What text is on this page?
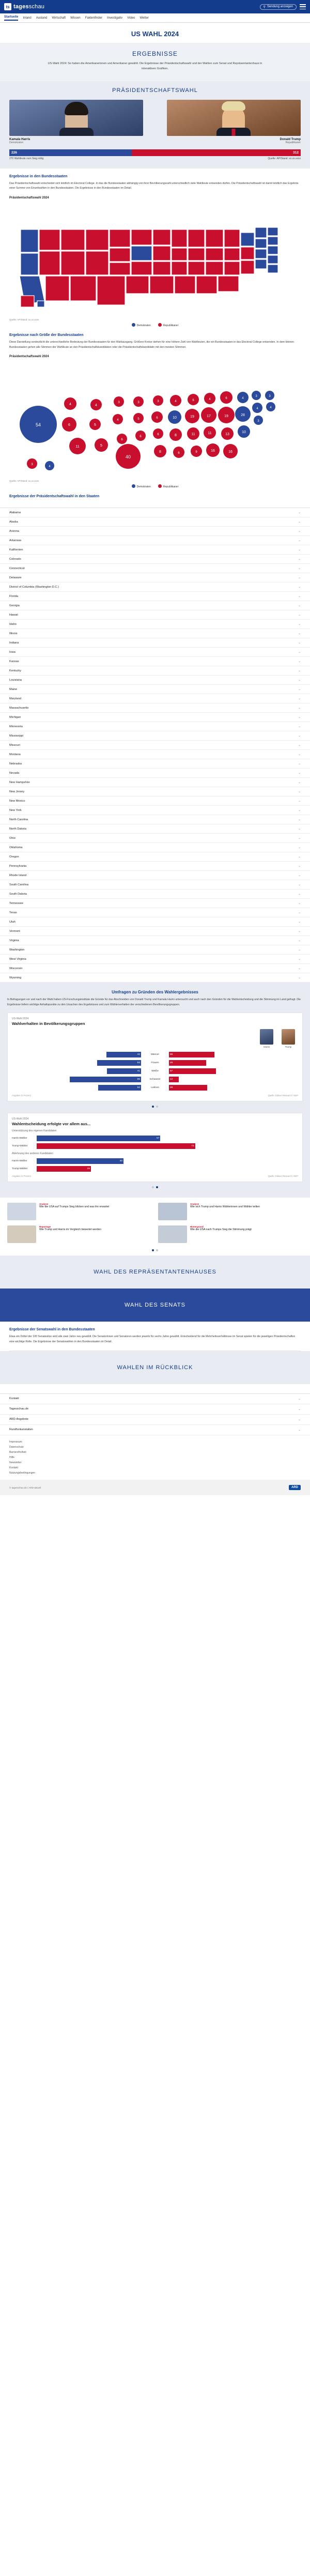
ts tagesschau	⚲ Sendung anzeigen
Startseite Inland Ausland Wirtschaft Wissen Faktenfinder Investigativ Video Wetter
US WAHL 2024
ERGEBNISSE
US-Wahl 2024: So haben die Amerikanerinnen und Amerikaner gewählt. Die Ergebnisse der Präsidentschaftswahl und der Wahlen zum Senat und Repräsentantenhaus in interaktiven Grafiken.
PRÄSIDENTSCHAFTSWAHL
Kamala Harris
Demokraten
Donald Trump
Republikaner
226	312
270 Wahlleute zum Sieg nötig	Quelle: AP/Stand: xx.xx.xxxx
Ergebnisse in den Bundesstaaten

Das Präsidentschaftswahl entscheidet sich letztlich im Electoral College. In das die Bundesstaaten abhängig von ihrer Bevölkerungszahl unterschiedlich viele Wahlleute entsenden dürfen. Die Präsidentschaftswahl ist damit letztlich das Ergebnis einer Summe von Einzelwahlen in den Bundesstaaten. Die Ergebnisse in den Bundesstaaten im Detail.

Präsidentschaftswahl 2024
Quelle: AP/Stand: xx.xx.xxxx
Demokraten	Republikaner
Ergebnisse nach Größe der Bundesstaaten

Diese Darstellung verdeutlicht die unterschiedliche Bedeutung der Bundesstaaten für den Wahlausgang. Größere Kreise stehen für eine höhere Zahl von Wahlleuten, die ein Bundesstaaten in das Electoral College entsenden. In dem kleinen Bundesstaaten gehen alle Stimmen der Wahlleute an den Präsidentschaftskandidaten oder die Präsidentschaftskandidatin mit den meisten Stimmen.

Präsidentschaftswahl 2024
54
4
6
11
4
5
5
3
4
6
40
3
5
6
3
6
6
8
4
10
8
6
6
19
11
9
4
17
11
16
6
19
13
16
4
28
10
3
4
3
3
4
3
4
Quelle: AP/Stand: xx.xx.xxxx
Demokraten	Republikaner
Ergebnisse der Präsidentschaftswahl in den Staaten
Alabama	⌄
Alaska	⌄
Arizona	⌄
Arkansas	⌄
Kalifornien	⌄
Colorado	⌄
Connecticut	⌄
Delaware	⌄
District of Columbia (Washington D.C.)	⌄
Florida	⌄
Georgia	⌄
Hawaii	⌄
Idaho	⌄
Illinois	⌄
Indiana	⌄
Iowa	⌄
Kansas	⌄
Kentucky	⌄
Louisiana	⌄
Maine	⌄
Maryland	⌄
Massachusetts	⌄
Michigan	⌄
Minnesota	⌄
Mississippi	⌄
Missouri	⌄
Montana	⌄
Nebraska	⌄
Nevada	⌄
New Hampshire	⌄
New Jersey	⌄
New Mexico	⌄
New York	⌄
North Carolina	⌄
North Dakota	⌄
Ohio	⌄
Oklahoma	⌄
Oregon	⌄
Pennsylvania	⌄
Rhode Island	⌄
South Carolina	⌄
South Dakota	⌄
Tennessee	⌄
Texas	⌄
Utah	⌄
Vermont	⌄
Virginia	⌄
Washington	⌄
West Virginia	⌄
Wisconsin	⌄
Wyoming	⌄
Umfragen zu Gründen des Wahlergebnisses

In Befragungen vor und nach der Wahl haben US-Forschungsinstitute die Gründe für das Abschneiden von Donald Trump und Kamala Harris untersucht und auch nach den Gründen für die Wahlentscheidung und die Stimmung im Land gefragt. Die Ergebnisse liefern wichtige Anhaltspunkte zu den Ursachen des Ergebnisses und zum Wählerverhalten der verschiedenen Bevölkerungsgruppen.

US-Wahl 2024
Wahlverhalten in Bevölkerungsgruppen
Harris	Trump
42	Männer	55
53	Frauen	45
41	Weiße	57
86	Schwarze	12
52	Latinos	46
Angaben in Prozent	Quelle: Edison Research / NEP
US-Wahl 2024
Wahlentscheidung erfolgte vor allem aus...
Unterstützung des eigenen Kandidaten
Harris-Wähler	57
Trump-Wähler	73
Ablehnung des anderen Kandidaten
Harris-Wähler	40
Trump-Wähler	25
Angaben in Prozent	Quelle: Edison Research / NEP
Analyse
Wie die USA auf Trumps Sieg blicken und was ihn erwartet
Analyse
Wie sich Trump und Harris Wählerinnen und Wähler teilten
Reportage
Wie Trump und Harris im Vergleich bewertet werden
Hintergrund
Wie die USA nach Trumps Sieg die Stimmung prägt
WAHL DES REPRÄSENTANTENHAUSES
WAHL DES SENATS
Ergebnisse der Senatswahl in den Bundesstaaten

Etwa ein Drittel der 100 Senatssitze wird alle zwei Jahre neu gewählt. Die Senatorinnen und Senatoren werden jeweils für sechs Jahre gewählt. Entscheidend für die Mehrheitsverhältnisse im Senat spielen für die jeweiligen Präsidentschaften eine wichtige Rolle. Die Ergebnisse der Senatswahlen in den Bundesstaaten im Detail.

WAHLEN IM RÜCKBLICK
Kontakt	⌄
Tagesschau.de	⌄
ARD-Angebote	⌄
Rundfunkanstalten	⌄
Impressum
Datenschutz
Barrierefreiheit
Hilfe
Newsletter
Kontakt
Nutzungsbedingungen
© tagesschau.de / ARD-aktuell	ARD
